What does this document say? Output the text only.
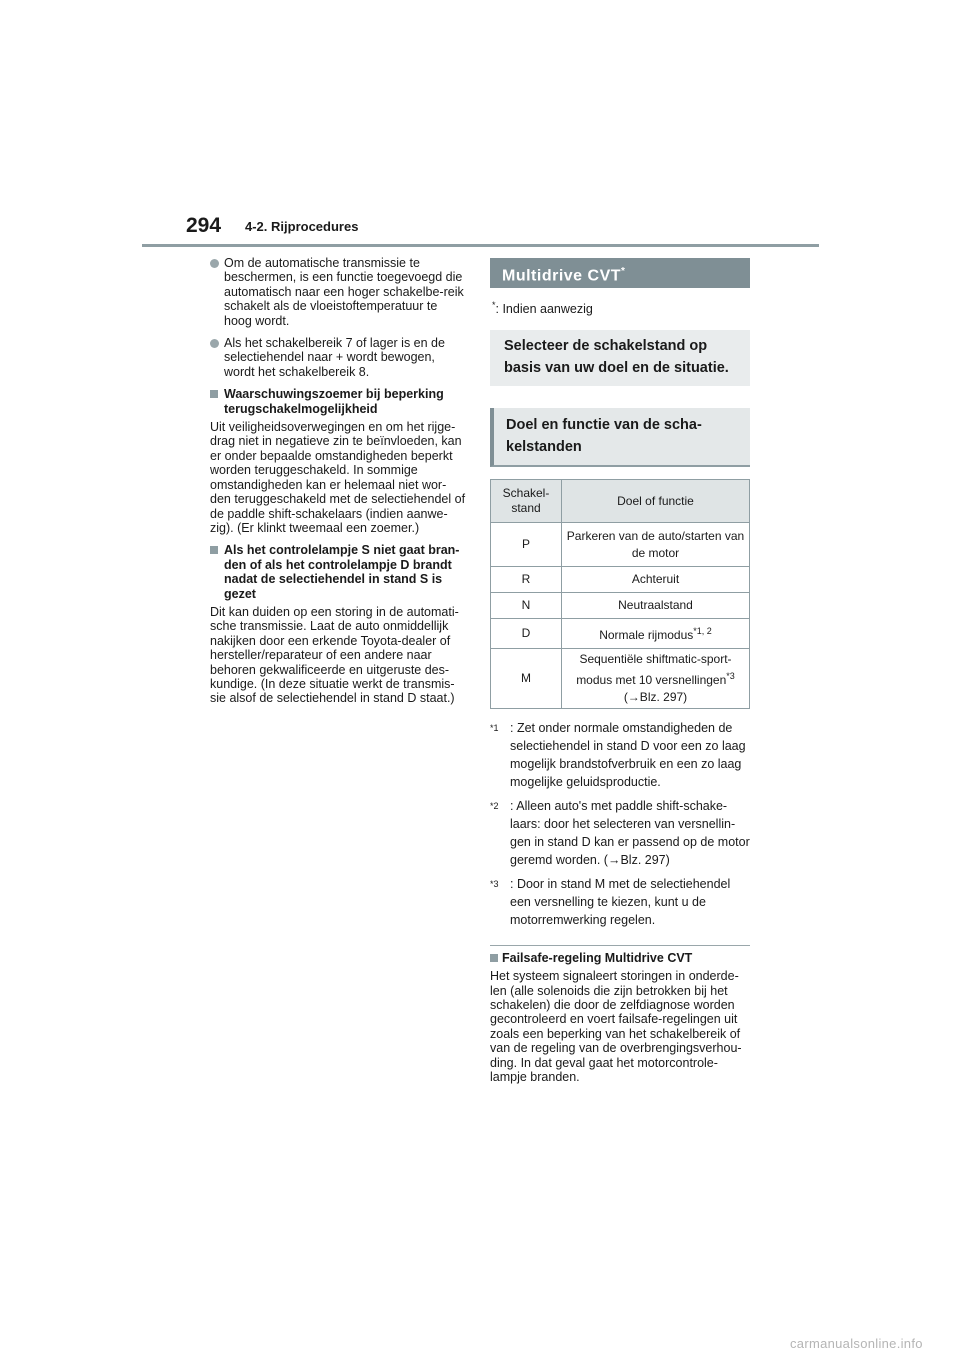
294 4-2. Rijprocedures
Om de automatische transmissie te beschermen, is een functie toegevoegd die automatisch naar een hoger schakelbe-reik schakelt als de vloeistoftemperatuur te hoog wordt.
Als het schakelbereik 7 of lager is en de selectiehendel naar + wordt bewogen, wordt het schakelbereik 8.
Waarschuwingszoemer bij beperking terugschakelmogelijkheid
Uit veiligheidsoverwegingen en om het rijge-drag niet in negatieve zin te beïnvloeden, kan er onder bepaalde omstandigheden beperkt worden teruggeschakeld. In sommige omstandigheden kan er helemaal niet wor-den teruggeschakeld met de selectiehendel of de paddle shift-schakelaars (indien aanwe-zig). (Er klinkt tweemaal een zoemer.)
Als het controlelampje S niet gaat bran-den of als het controlelampje D brandt nadat de selectiehendel in stand S is gezet
Dit kan duiden op een storing in de automati-sche transmissie. Laat de auto onmiddellijk nakijken door een erkende Toyota-dealer of hersteller/reparateur of een andere naar behoren gekwalificeerde en uitgeruste des-kundige. (In deze situatie werkt de transmis-sie alsof de selectiehendel in stand D staat.)
Multidrive CVT*
*: Indien aanwezig
Selecteer de schakelstand op basis van uw doel en de situatie.
Doel en functie van de scha-kelstanden
Schakel-stand	Doel of functie
P	Parkeren van de auto/starten van de motor
R	Achteruit
N	Neutraalstand
D	Normale rijmodus$^{*1, 2}$
M	Sequentiële shiftmatic-sport-modus met 10 versnellingen$^{*3}$
(→Blz. 297)
$^{*1}$ : Zet onder normale omstandigheden de selectiehendel in stand D voor een zo laag mogelijk brandstofverbruik en een zo laag mogelijke geluidsproductie.
$^{*2}$ : Alleen auto's met paddle shift-schake-laars: door het selecteren van versnellin-gen in stand D kan er passend op de motor geremd worden. (→Blz. 297)
$^{*3}$ : Door in stand M met de selectiehendel een versnelling te kiezen, kunt u de motorremwerking regelen.
Failsafe-regeling Multidrive CVT
Het systeem signaleert storingen in onderde-len (alle solenoids die zijn betrokken bij het schakelen) die door de zelfdiagnose worden gecontroleerd en voert failsafe-regelingen uit zoals een beperking van het schakelbereik of van de regeling van de overbrengingsverhou-ding. In dat geval gaat het motorcontrole-lampje branden.
carmanualsonline.info
